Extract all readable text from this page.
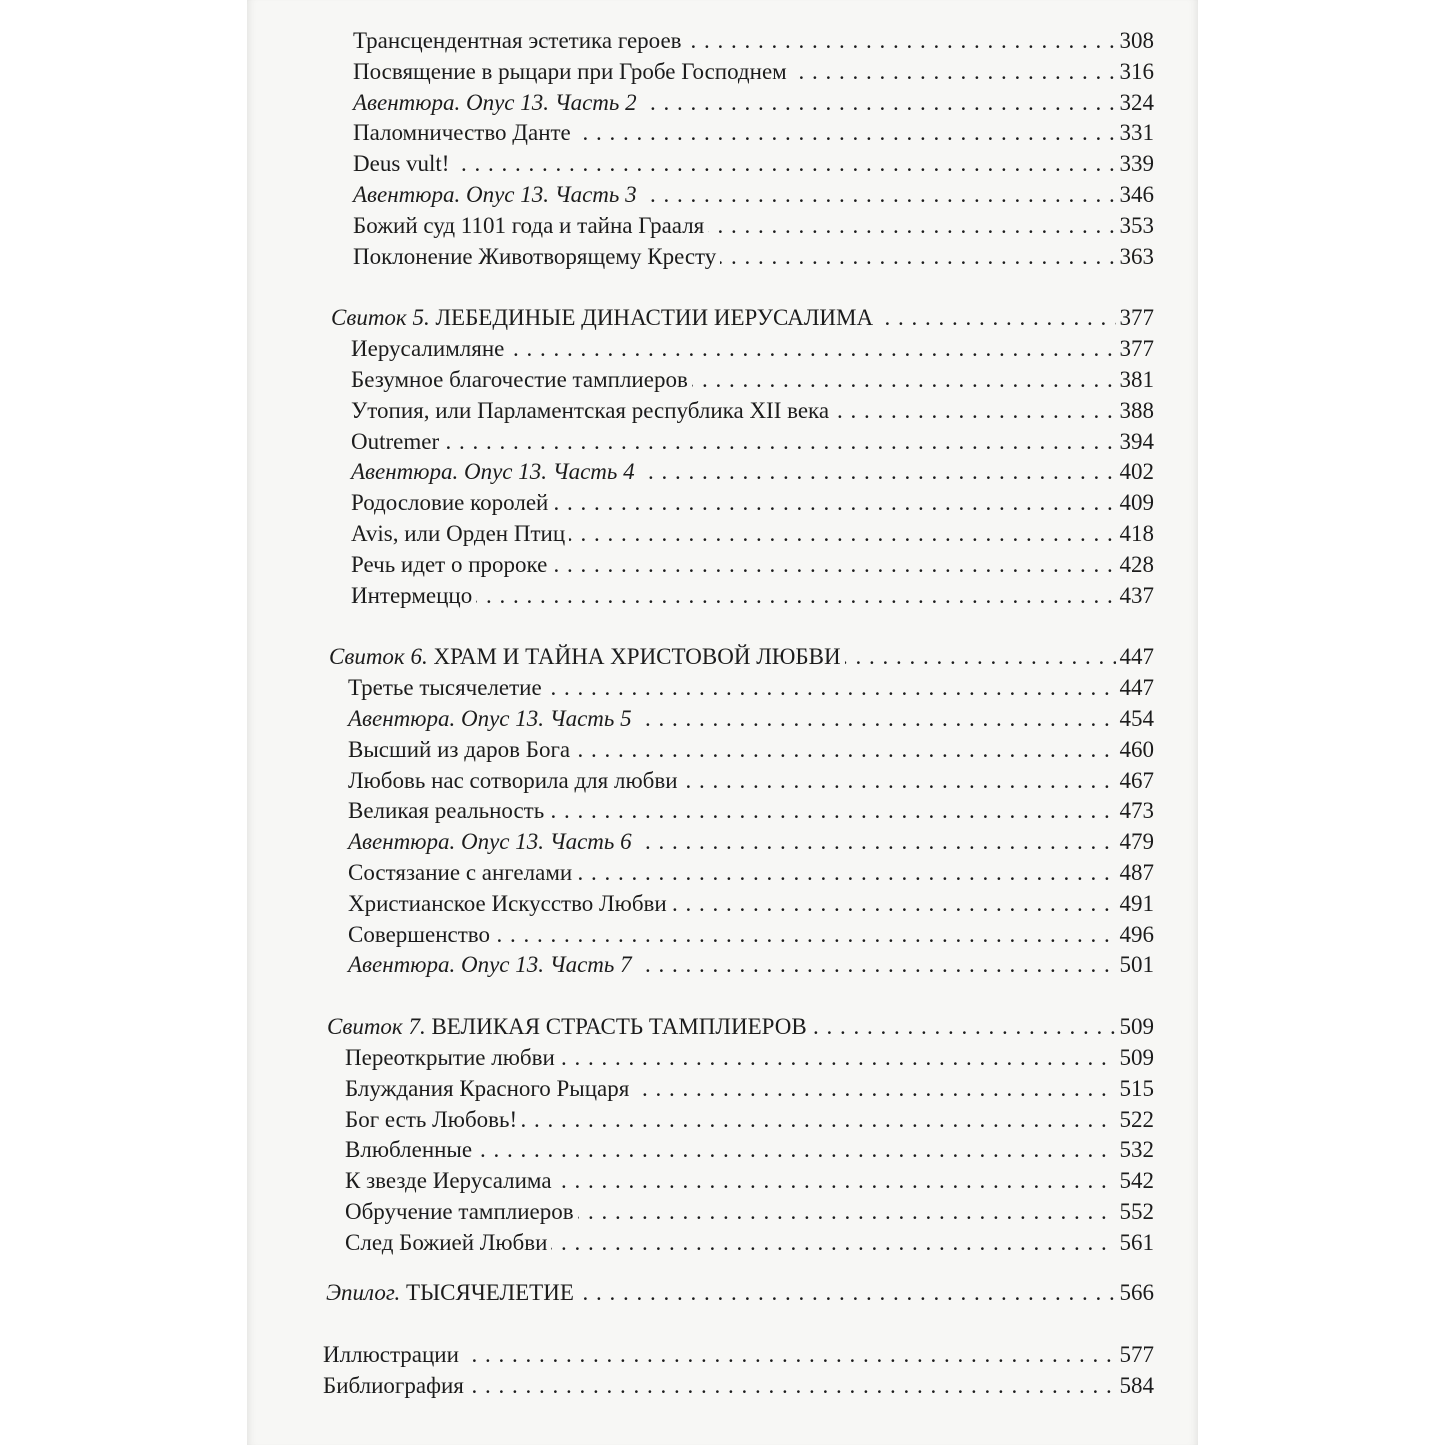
. . .
Трансцендентная эстетика героев	308
. . .
Посвящение в рыцари при Гробе Господнем	316
. . .
Авентюра. Опус 13. Часть 2	324
. . .
Паломничество Данте	331
. . .
Deus vult!	339
. . .
Авентюра. Опус 13. Часть 3	346
. . .
Божий суд 1101 года и тайна Грааля	353
. . .
Поклонение Животворящему Кресту	363
. . .
Свиток 5. ЛЕБЕДИНЫЕ ДИНАСТИИ ИЕРУСАЛИМА	377
. . .
Иерусалимляне	377
. . .
Безумное благочестие тамплиеров	381
. . .
Утопия, или Парламентская республика XII века	388
. . .
Outremer	394
. . .
Авентюра. Опус 13. Часть 4	402
. . .
Родословие королей	409
. . .
Avis, или Орден Птиц	418
. . .
Речь идет о пророке	428
. . .
Интермеццо	437
. . .
Свиток 6. ХРАМ И ТАЙНА ХРИСТОВОЙ ЛЮБВИ	447
. . .
Третье тысячелетие	447
. . .
Авентюра. Опус 13. Часть 5	454
. . .
Высший из даров Бога	460
. . .
Любовь нас сотворила для любви	467
. . .
Великая реальность	473
. . .
Авентюра. Опус 13. Часть 6	479
. . .
Состязание с ангелами	487
. . .
Христианское Искусство Любви	491
. . .
Совершенство	496
. . .
Авентюра. Опус 13. Часть 7	501
. . .
Свиток 7. ВЕЛИКАЯ СТРАСТЬ ТАМПЛИЕРОВ	509
. . .
Переоткрытие любви	509
. . .
Блуждания Красного Рыцаря	515
. . .
Бог есть Любовь!	522
. . .
Влюбленные	532
. . .
К звезде Иерусалима	542
. . .
Обручение тамплиеров	552
. . .
След Божией Любви	561
. . .
Эпилог. ТЫСЯЧЕЛЕТИЕ	566
. . .
Иллюстрации	577
. . .
Библиография	584
